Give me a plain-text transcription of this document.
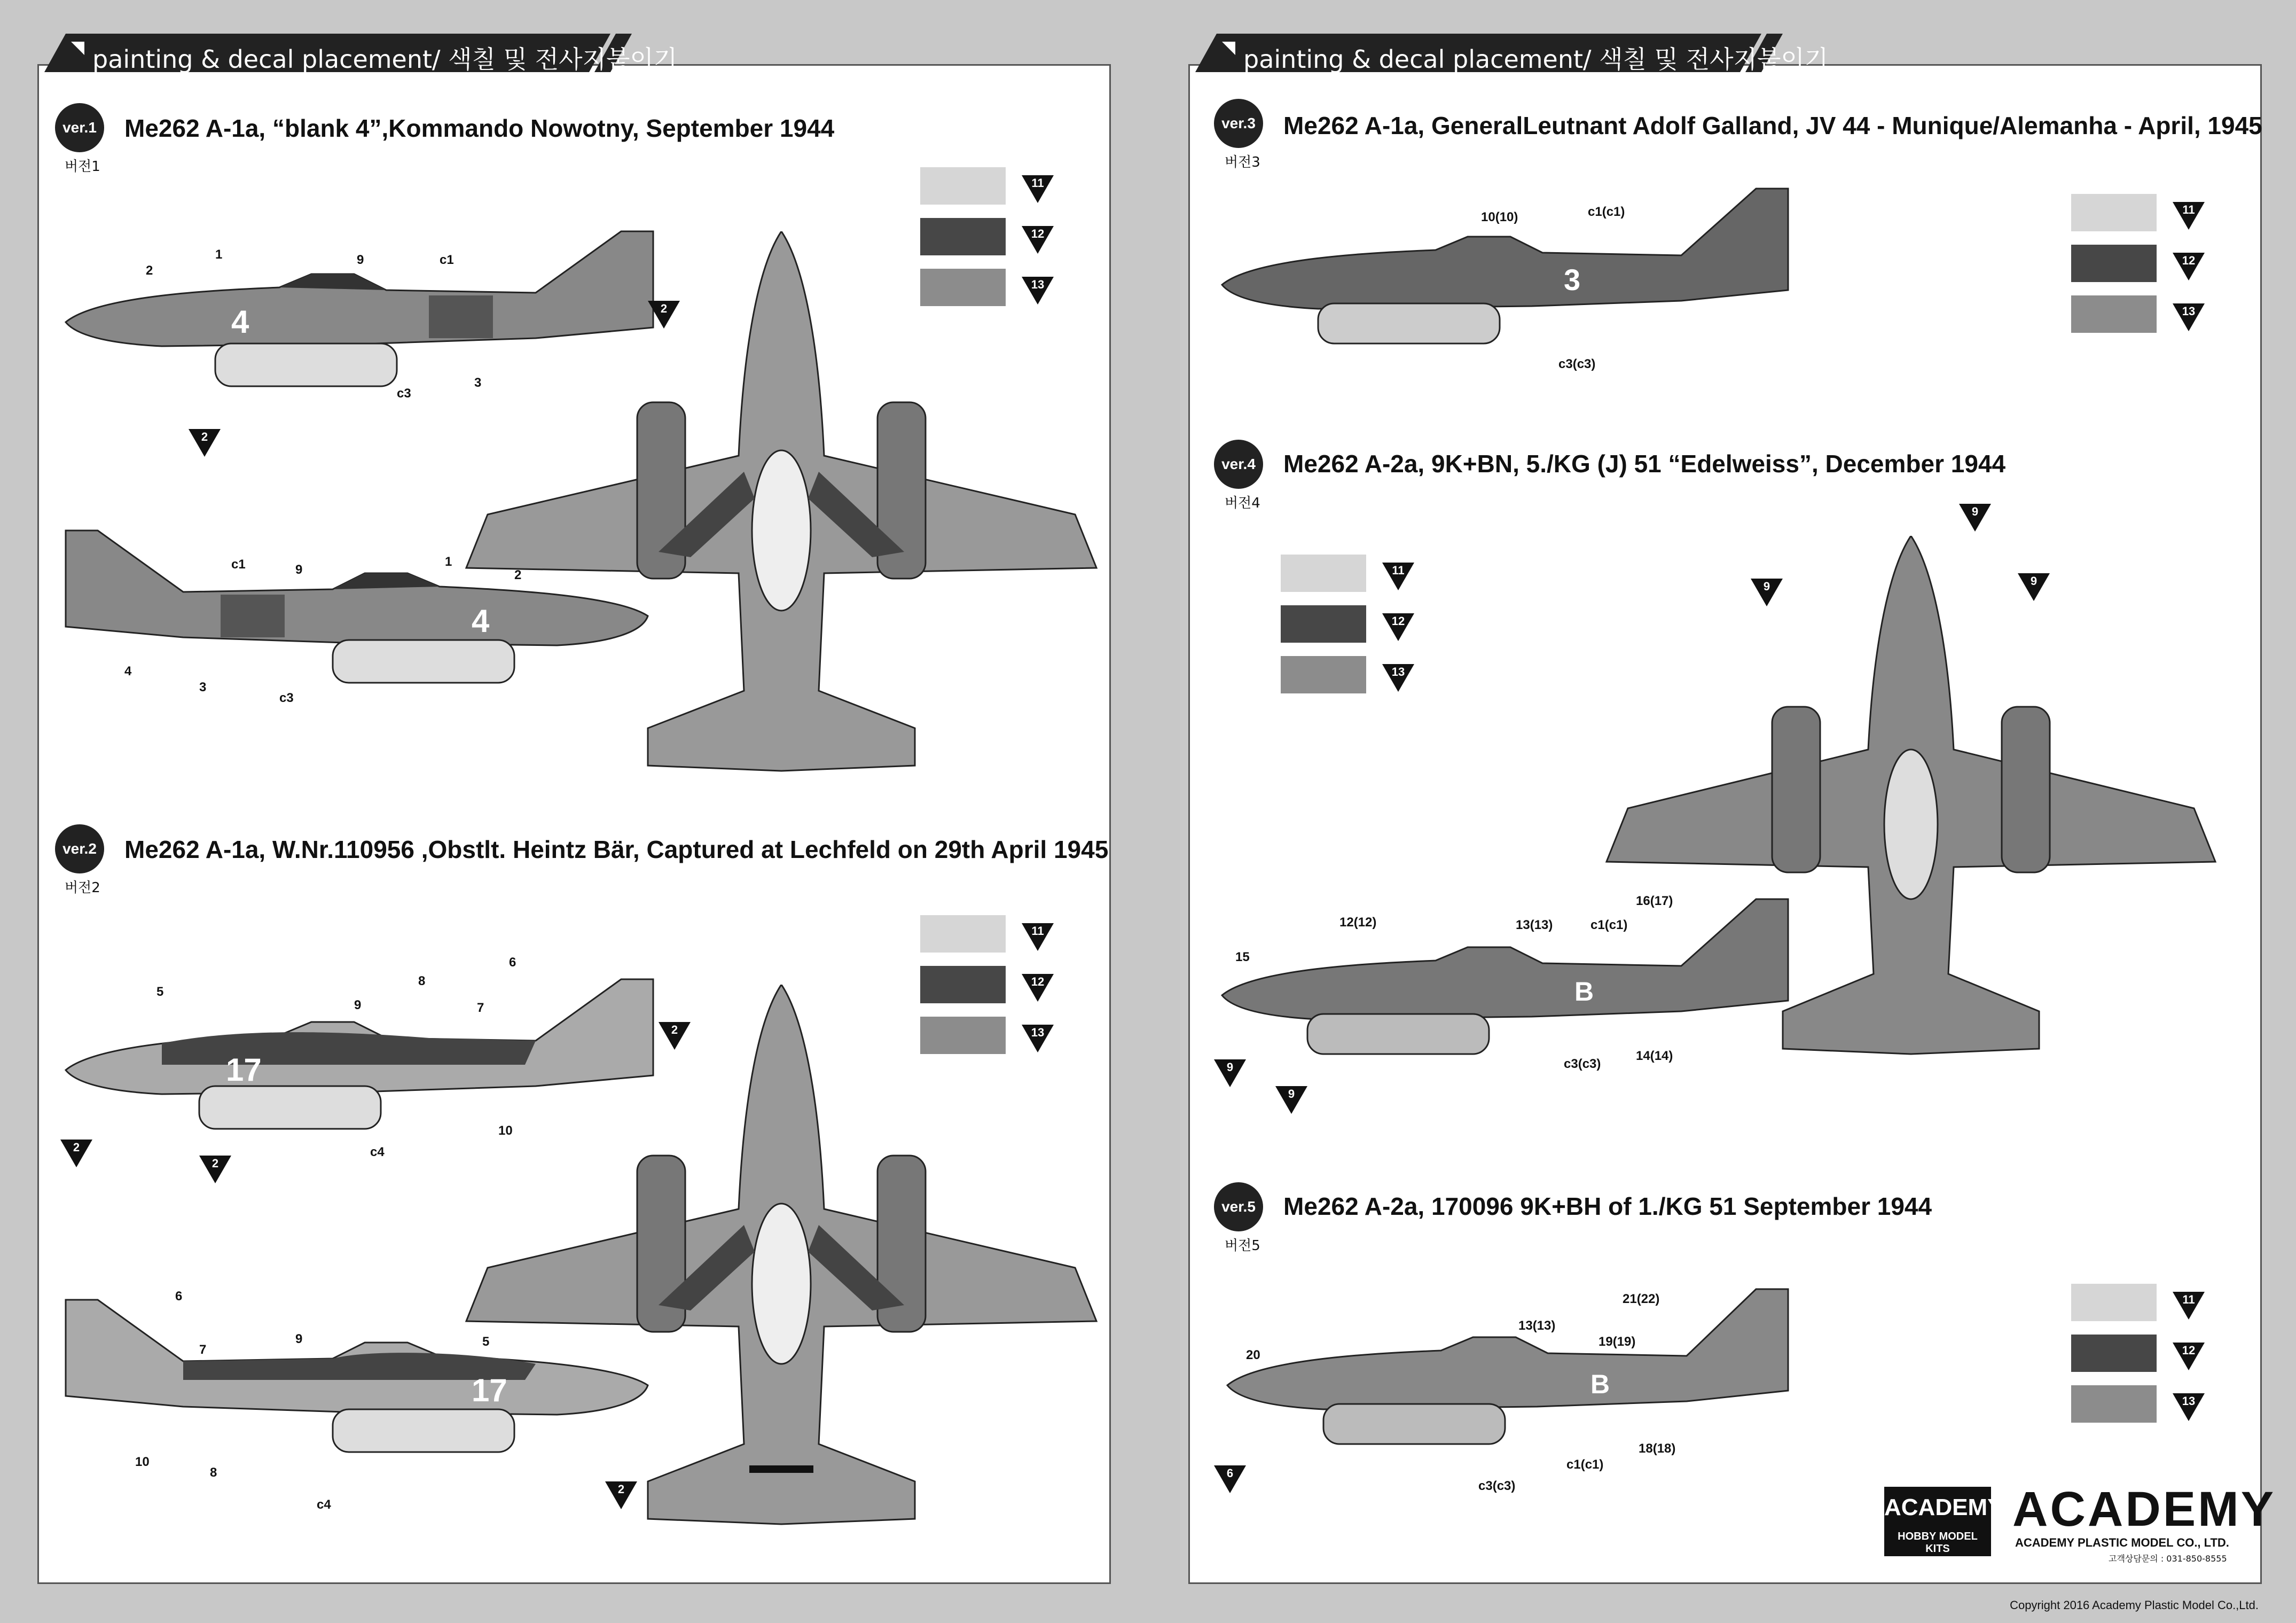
painting & decal placement/ 색칠 및 전사지붙이기
ver.1
버전1
Me262 A-1a, “blank 4”,Kommando Nowotny, September 1944
11
12
13
4
1
2
9	c1
3
c3
2
2
4
c1	9
1
2
4
3
c3
ver.2
버전2
Me262 A-1a, W.Nr.110956 ,Obstlt. Heintz Bär, Captured at Lechfeld on 29th April 1945
11
12
13
17
5
9
8
6
7
2
2
c4
10
2
17
6
7
9	5
10
8
c4
2
painting & decal placement/ 색칠 및 전사지붙이기
ver.3
버전3
Me262 A-1a, GeneralLeutnant Adolf Galland, JV 44 - Munique/Alemanha - April, 1945
11
12
13
3
10(10)	c1(c1)
c3(c3)
ver.4
버전4
Me262 A-2a, 9K+BN, 5./KG (J) 51 “Edelweiss”, December 1944
11
12
13
9
9
9
B
16(17)
12(12)	13(13)	c1(c1)
15
9
9
c3(c3)
14(14)
ver.5
버전5
Me262 A-2a, 170096 9K+BH of 1./KG 51 September 1944
11
12
13
B
21(22)
13(13)
19(19)
20
6
c3(c3)
c1(c1)
18(18)
ACADEMY
HOBBY MODEL KITS
ACADEMY
ACADEMY PLASTIC MODEL CO., LTD.
고객상담문의 : 031-850-8555
Copyright 2016 Academy Plastic Model Co.,Ltd.
